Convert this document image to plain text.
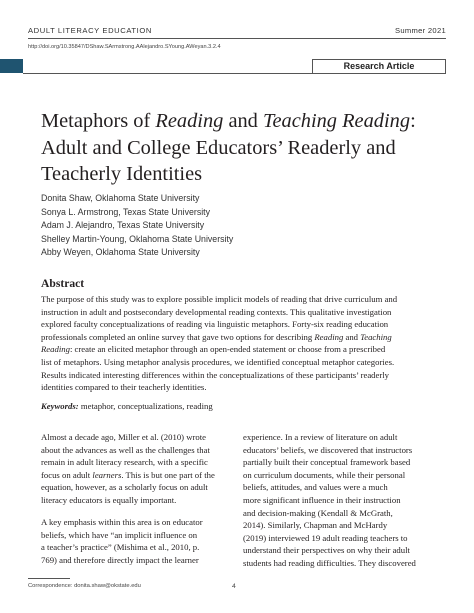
ADULT LITERACY EDUCATION	Summer 2021
http://doi.org/10.35847/DShaw.SArmstrong.AAlejandro.SYoung.AWeyan.3.2.4
Research Article
Metaphors of Reading and Teaching Reading:
Adult and College Educators’ Readerly and
Teacherly Identities
Donita Shaw, Oklahoma State University
Sonya L. Armstrong, Texas State University
Adam J. Alejandro, Texas State University
Shelley Martin-Young, Oklahoma State University
Abby Weyen, Oklahoma State University
Abstract
The purpose of this study was to explore possible implicit models of reading that drive curriculum and
instruction in adult and postsecondary developmental reading contexts. This qualitative investigation
explored faculty conceptualizations of reading via linguistic metaphors. Forty-six reading education
professionals completed an online survey that gave two options for describing Reading and Teaching
Reading: create an elicited metaphor through an open-ended statement or choose from a prescribed
list of metaphors. Using metaphor analysis procedures, we identified conceptual metaphor categories.
Results indicated interesting differences within the conceptualizations of these participants’ readerly
identities compared to their teacherly identities.
Keywords: metaphor, conceptualizations, reading
Almost a decade ago, Miller et al. (2010) wrote
about the advances as well as the challenges that
remain in adult literacy research, with a specific
focus on adult learners. This is but one part of the
equation, however, as a scholarly focus on adult
literacy educators is equally important.
A key emphasis within this area is on educator
beliefs, which have “an implicit influence on
a teacher’s practice” (Mishima et al., 2010, p.
769) and therefore directly impact the learner
experience. In a review of literature on adult
educators’ beliefs, we discovered that instructors
partially built their conceptual framework based
on curriculum documents, while their personal
beliefs, attitudes, and values were a much
more significant influence in their instruction
and decision-making (Kendall & McGrath,
2014). Similarly, Chapman and McHardy
(2019) interviewed 19 adult reading teachers to
understand their perspectives on why their adult
students had reading difficulties. They discovered
Correspondence: donita.shaw@okstate.edu	4
